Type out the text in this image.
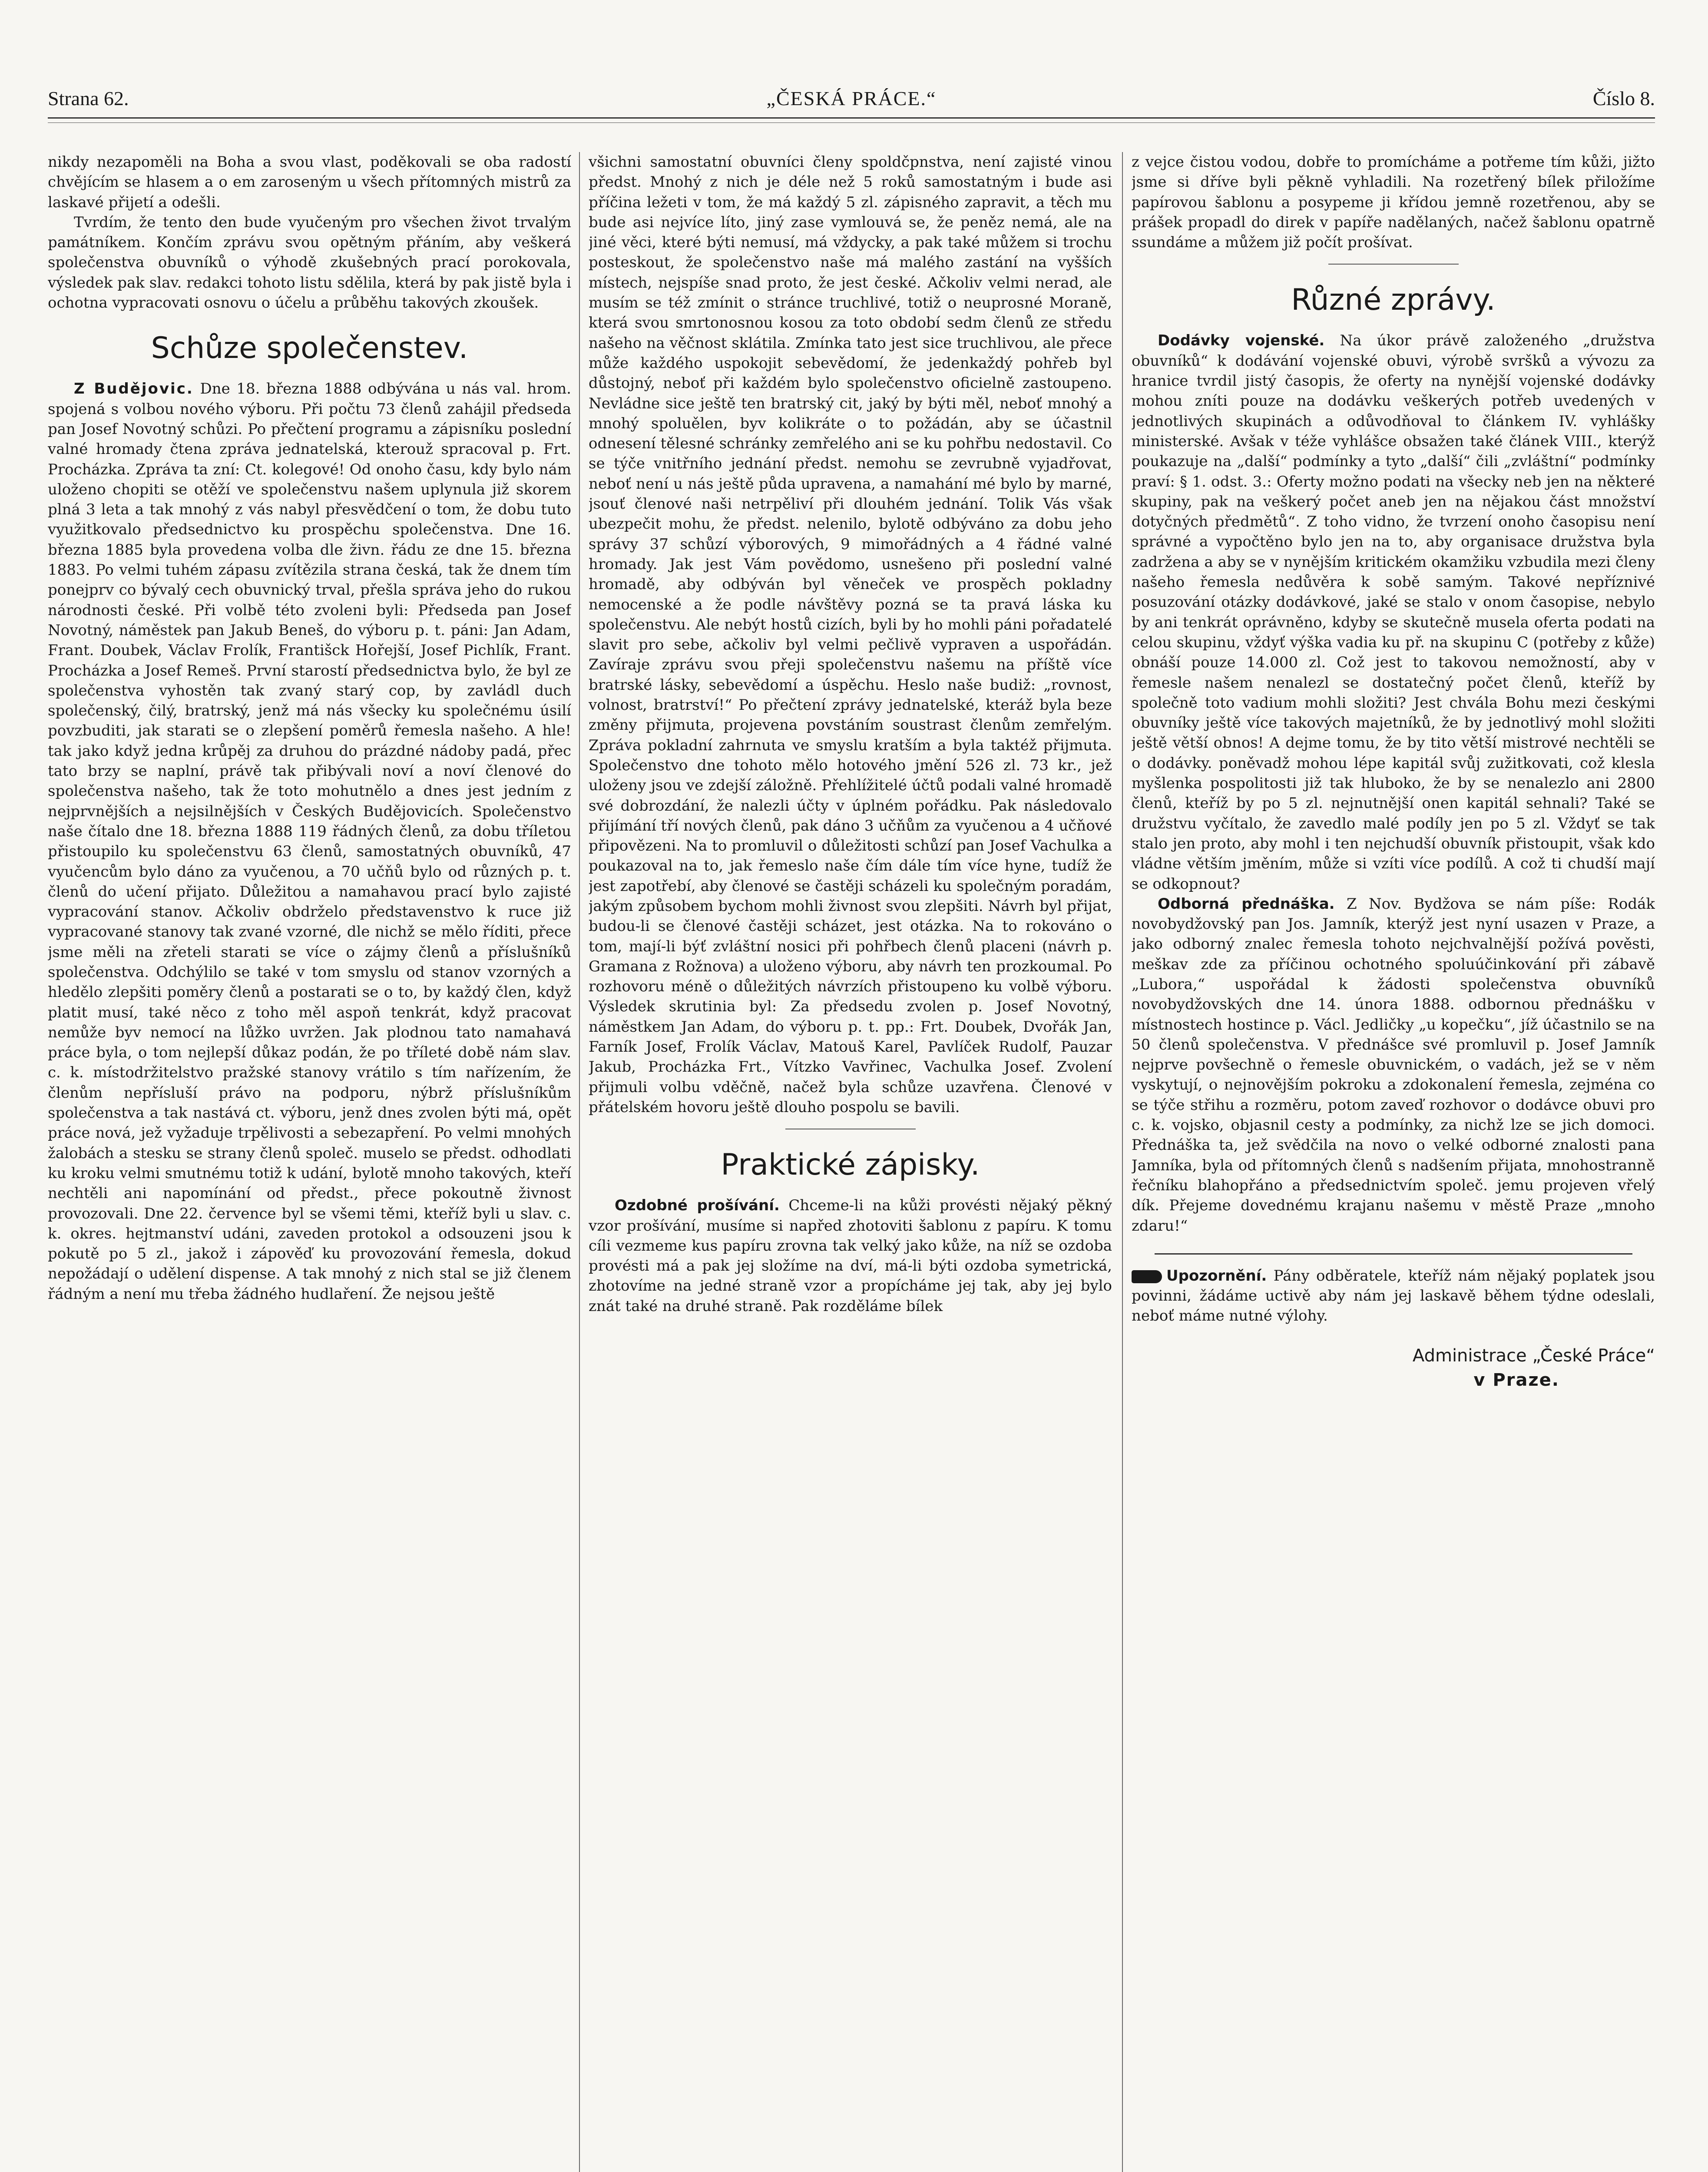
Strana 62.	„ČESKÁ PRÁCE.“	Číslo 8.

nikdy nezapoměli na Boha a svou vlast, poděkovali se oba radostí chvějícím se hlasem a o em zaroseným u všech přítomných mistrů za laskavé přijetí a odešli.

Tvrdím, že tento den bude vyučeným pro všechen život trvalým památníkem. Končím zprávu svou opětným přáním, aby veškerá společenstva obuvníků o výhodě zkušebných prací porokovala, výsledek pak slav. redakci tohoto listu sdělila, která by pak jistě byla i ochotna vypracovati osnovu o účelu a průběhu takových zkoušek.

Schůze společenstev.

Z Budějovic. Dne 18. března 1888 odbývána u nás val. hrom. spojená s volbou nového výboru. Při počtu 73 členů zahájil předseda pan Josef Novotný schůzi. Po přečtení programu a zápisníku poslední valné hromady čtena zpráva jednatelská, kterouž spracoval p. Frt. Procházka. Zpráva ta zní: Ct. kolegové! Od onoho času, kdy bylo nám uloženo chopiti se otěží ve společenstvu našem uplynula již skorem plná 3 leta a tak mnohý z vás nabyl přesvědčení o tom, že dobu tuto využitkovalo předsednictvo ku prospěchu společenstva. Dne 16. března 1885 byla provedena volba dle živn. řádu ze dne 15. března 1883. Po velmi tuhém zápasu zvítězila strana česká, tak že dnem tím ponejprv co bývalý cech obuvnický trval, přešla správa jeho do rukou národnosti české. Při volbě této zvoleni byli: Předseda pan Josef Novotný, náměstek pan Jakub Beneš, do výboru p. t. páni: Jan Adam, Frant. Doubek, Václav Frolík, Františck Hořejší, Josef Pichlík, Frant. Procházka a Josef Remeš. První starostí předsednictva bylo, že byl ze společenstva vyhostěn tak zvaný starý cop, by zavládl duch společenský, čilý, bratrský, jenž má nás všecky ku společnému úsilí povzbuditi, jak starati se o zlepšení poměrů řemesla našeho. A hle! tak jako když jedna krůpěj za druhou do prázdné nádoby padá, přec tato brzy se naplní, právě tak přibývali noví a noví členové do společenstva našeho, tak že toto mohutnělo a dnes jest jedním z nejprvnějších a nejsilnějších v Českých Budějovicích. Společenstvo naše čítalo dne 18. března 1888 119 řádných členů, za dobu tříletou přistoupilo ku společenstvu 63 členů, samostatných obuvníků, 47 vyučencům bylo dáno za vyučenou, a 70 učňů bylo od různých p. t. členů do učení přijato. Důležitou a namahavou prací bylo zajisté vypracování stanov. Ačkoliv obdrželo představenstvo k ruce již vypracované stanovy tak zvané vzorné, dle nichž se mělo říditi, přece jsme měli na zřeteli starati se více o zájmy členů a příslušníků společenstva. Odchýlilo se také v tom smyslu od stanov vzorných a hledělo zlepšiti poměry členů a postarati se o to, by každý člen, když platit musí, také něco z toho měl aspoň tenkrát, když pracovat nemůže byv nemocí na lůžko uvržen. Jak plodnou tato namahavá práce byla, o tom nejlepší důkaz podán, že po tříleté době nám slav. c. k. místodržitelstvo pražské stanovy vrátilo s tím nařízením, že členům nepřísluší právo na podporu, nýbrž příslušníkům společenstva a tak nastává ct. výboru, jenž dnes zvolen býti má, opět práce nová, jež vyžaduje trpělivosti a sebezapření. Po velmi mnohých žalobách a stesku se strany členů společ. muselo se předst. odhodlati ku kroku velmi smutnému totiž k udání, bylotě mnoho takových, kteří nechtěli ani napomínání od předst., přece pokoutně živnost provozovali. Dne 22. července byl se všemi těmi, kteříž byli u slav. c. k. okres. hejtmanství udáni, zaveden protokol a odsouzeni jsou k pokutě po 5 zl., jakož i zápověď ku provozování řemesla, dokud nepožádají o udělení dispense. A tak mnohý z nich stal se již členem řádným a není mu třeba žádného hudlaření. Že nejsou ještě

všichni samostatní obuvníci členy spoldčpnstva, není zajisté vinou předst. Mnohý z nich je déle než 5 roků samostatným i bude asi příčina ležeti v tom, že má každý 5 zl. zápisného zapravit, a těch mu bude asi nejvíce líto, jiný zase vymlouvá se, že peněz nemá, ale na jiné věci, které býti nemusí, má vždycky, a pak také můžem si trochu posteskout, že společenstvo naše má malého zastání na vyšších místech, nejspíše snad proto, že jest české. Ačkoliv velmi nerad, ale musím se též zmínit o stránce truchlivé, totiž o neuprosné Moraně, která svou smrtonosnou kosou za toto období sedm členů ze středu našeho na věčnost sklátila. Zmínka tato jest sice truchlivou, ale přece může každého uspokojit sebevědomí, že jedenkaždý pohřeb byl důstojný, neboť při každém bylo společenstvo oficielně zastoupeno. Nevládne sice ještě ten bratrský cit, jaký by býti měl, neboť mnohý a mnohý spoluělen, byv kolikráte o to požádán, aby se účastnil odnesení tělesné schránky zemřelého ani se ku pohřbu nedostavil. Co se týče vnitřního jednání předst. nemohu se zevrubně vyjadřovat, neboť není u nás ještě půda upravena, a namahání mé bylo by marné, jsouť členové naši netrpěliví při dlouhém jednání. Tolik Vás však ubezpečit mohu, že předst. nelenilo, bylotě odbýváno za dobu jeho správy 37 schůzí výborových, 9 mimořádných a 4 řádné valné hromady. Jak jest Vám povědomo, usnešeno při poslední valné hromadě, aby odbýván byl věneček ve prospěch pokladny nemocenské a že podle návštěvy pozná se ta pravá láska ku společenstvu. Ale nebýt hostů cizích, byli by ho mohli páni pořadatelé slavit pro sebe, ačkoliv byl velmi pečlivě vypraven a uspořádán. Zavíraje zprávu svou přeji společenstvu našemu na příště více bratrské lásky, sebevědomí a úspěchu. Heslo naše budiž: „rovnost, volnost, bratrství!“ Po přečtení zprávy jednatelské, kteráž byla beze změny přijmuta, projevena povstáním soustrast členům zemřelým. Zpráva pokladní zahrnuta ve smyslu kratším a byla taktéž přijmuta. Společenstvo dne tohoto mělo hotového jmění 526 zl. 73 kr., jež uloženy jsou ve zdejší záložně. Přehlížitelé účtů podali valné hromadě své dobrozdání, že nalezli účty v úplném pořádku. Pak následovalo přijímání tří nových členů, pak dáno 3 učňům za vyučenou a 4 učňové připovězeni. Na to promluvil o důležitosti schůzí pan Josef Vachulka a poukazoval na to, jak řemeslo naše čím dále tím více hyne, tudíž že jest zapotřebí, aby členové se častěji scházeli ku společným poradám, jakým způsobem bychom mohli živnost svou zlepšiti. Návrh byl přijat, budou-li se členové častěji scházet, jest otázka. Na to rokováno o tom, mají-li býť zvláštní nosici při pohřbech členů placeni (návrh p. Gramana z Rožnova) a uloženo výboru, aby návrh ten prozkoumal. Po rozhovoru méně o důležitých návrzích přistoupeno ku volbě výboru. Výsledek skrutinia byl: Za předsedu zvolen p. Josef Novotný, náměstkem Jan Adam, do výboru p. t. pp.: Frt. Doubek, Dvořák Jan, Farník Josef, Frolík Václav, Matouš Karel, Pavlíček Rudolf, Pauzar Jakub, Procházka Frt., Vítzko Vavřinec, Vachulka Josef. Zvolení přijmuli volbu vděčně, načež byla schůze uzavřena. Členové v přátelském hovoru ještě dlouho pospolu se bavili.

Praktické zápisky.

Ozdobné prošívání. Chceme-li na kůži provésti nějaký pěkný vzor prošívání, musíme si napřed zhotoviti šablonu z papíru. K tomu cíli vezmeme kus papíru zrovna tak velký jako kůže, na níž se ozdoba provésti má a pak jej složíme na dví, má-li býti ozdoba symetrická, zhotovíme na jedné straně vzor a propícháme jej tak, aby jej bylo znát také na druhé straně. Pak rozděláme bílek

z vejce čistou vodou, dobře to promícháme a potřeme tím kůži, jižto jsme si dříve byli pěkně vyhladili. Na rozetřený bílek přiložíme papírovou šablonu a posypeme ji křídou jemně rozetřenou, aby se prášek propadl do direk v papíře nadělaných, načež šablonu opatrně ssundáme a můžem již počít prošívat.

Různé zprávy.

Dodávky vojenské. Na úkor právě založeného „družstva obuvníků“ k dodávání vojenské obuvi, výrobě svršků a vývozu za hranice tvrdil jistý časopis, že oferty na nynější vojenské dodávky mohou zníti pouze na dodávku veškerých potřeb uvedených v jednotlivých skupinách a odůvodňoval to článkem IV. vyhlášky ministerské. Avšak v téže vyhlášce obsažen také článek VIII., kterýž poukazuje na „další“ podmínky a tyto „další“ čili „zvláštní“ podmínky praví: § 1. odst. 3.: Oferty možno podati na všecky neb jen na některé skupiny, pak na veškerý počet aneb jen na nějakou část množství dotyčných předmětů“. Z toho vidno, že tvrzení onoho časopisu není správné a vypočtěno bylo jen na to, aby organisace družstva byla zadržena a aby se v nynějším kritickém okamžiku vzbudila mezi členy našeho řemesla nedůvěra k sobě samým. Takové nepříznivé posuzování otázky dodávkové, jaké se stalo v onom časopise, nebylo by ani tenkrát oprávněno, kdyby se skutečně musela oferta podati na celou skupinu, vždyť výška vadia ku př. na skupinu C (potřeby z kůže) obnáší pouze 14.000 zl. Což jest to takovou nemožností, aby v řemesle našem nenalezl se dostatečný počet členů, kteříž by společně toto vadium mohli složiti? Jest chvála Bohu mezi českými obuvníky ještě více takových majetníků, že by jednotlivý mohl složiti ještě větší obnos! A dejme tomu, že by tito větší mistrové nechtěli se o dodávky. poněvadž mohou lépe kapitál svůj zužitkovati, což klesla myšlenka pospolitosti již tak hluboko, že by se nenalezlo ani 2800 členů, kteříž by po 5 zl. nejnutnější onen kapitál sehnali? Také se družstvu vyčítalo, že zavedlo malé podíly jen po 5 zl. Vždyť se tak stalo jen proto, aby mohl i ten nejchudší obuvník přistoupit, však kdo vládne větším jměním, může si vzíti více podílů. A což ti chudší mají se odkopnout?

Odborná přednáška. Z Nov. Bydžova se nám píše: Rodák novobydžovský pan Jos. Jamník, kterýž jest nyní usazen v Praze, a jako odborný znalec řemesla tohoto nejchvalnější požívá pověsti, meškav zde za příčinou ochotného spoluúčinkování při zábavě „Lubora,“ uspořádal k žádosti společenstva obuvníků novobydžovských dne 14. února 1888. odbornou přednášku v místnostech hostince p. Václ. Jedličky „u kopečku“, jíž účastnilo se na 50 členů společenstva. V přednášce své promluvil p. Josef Jamník nejprve povšechně o řemesle obuvnickém, o vadách, jež se v něm vyskytují, o nejnovějším pokroku a zdokonalení řemesla, zejména co se týče střihu a rozměru, potom zaveď rozhovor o dodávce obuvi pro c. k. vojsko, objasnil cesty a podmínky, za nichž lze se jich domoci. Přednáška ta, jež svědčila na novo o velké odborné znalosti pana Jamníka, byla od přítomných členů s nadšením přijata, mnohostranně řečníku blahopřáno a předsednictvím společ. jemu projeven vřelý dík. Přejeme dovednému krajanu našemu v městě Praze „mnoho zdaru!“

Upozornění. Pány odběratele, kteříž nám nějaký poplatek jsou povinni, žádáme uctivě aby nám jej laskavě během týdne odeslali, neboť máme nutné výlohy.

Administrace „České Práce“
v Praze.
